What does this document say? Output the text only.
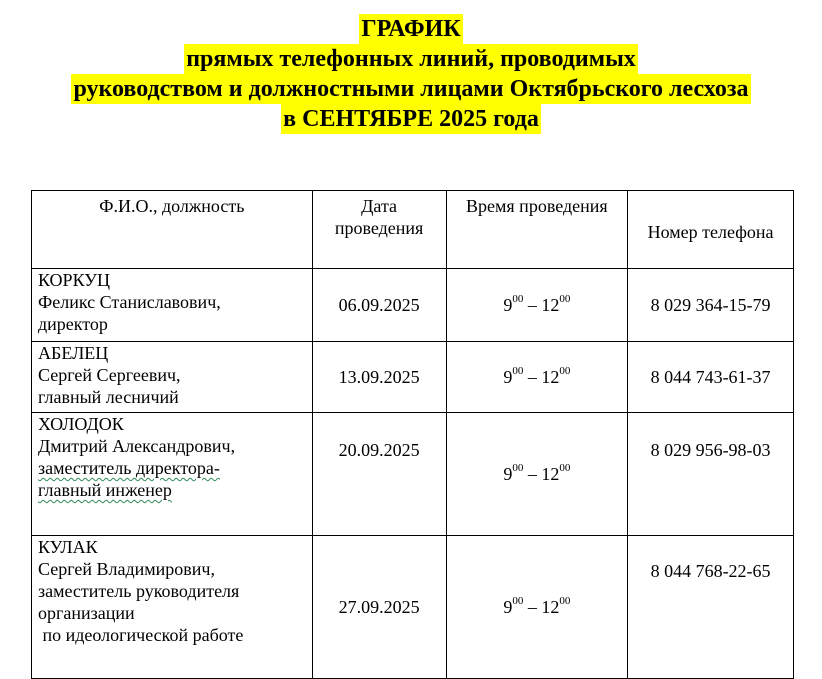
ГРАФИК
прямых телефонных линий, проводимых
руководством и должностными лицами Октябрьского лесхоза
в СЕНТЯБРЕ 2025 года
Ф.И.О., должность	Дата проведения	Время проведения	Номер телефона

КОРКУЦ
Феликс Станиславович,
директор	06.09.2025	$9^{00} - 12^{00}$	8 029 364-15-79

АБЕЛЕЦ
Сергей Сергеевич,
главный лесничий	13.09.2025	$9^{00} - 12^{00}$	8 044 743-61-37

ХОЛОДОК
Дмитрий Александрович,
заместитель директора-
главный инженер	20.09.2025	$9^{00} - 12^{00}$	8 029 956-98-03

КУЛАК
Сергей Владимирович,
заместитель руководителя
организации
по идеологической работе	27.09.2025	$9^{00} - 12^{00}$	8 044 768-22-65
